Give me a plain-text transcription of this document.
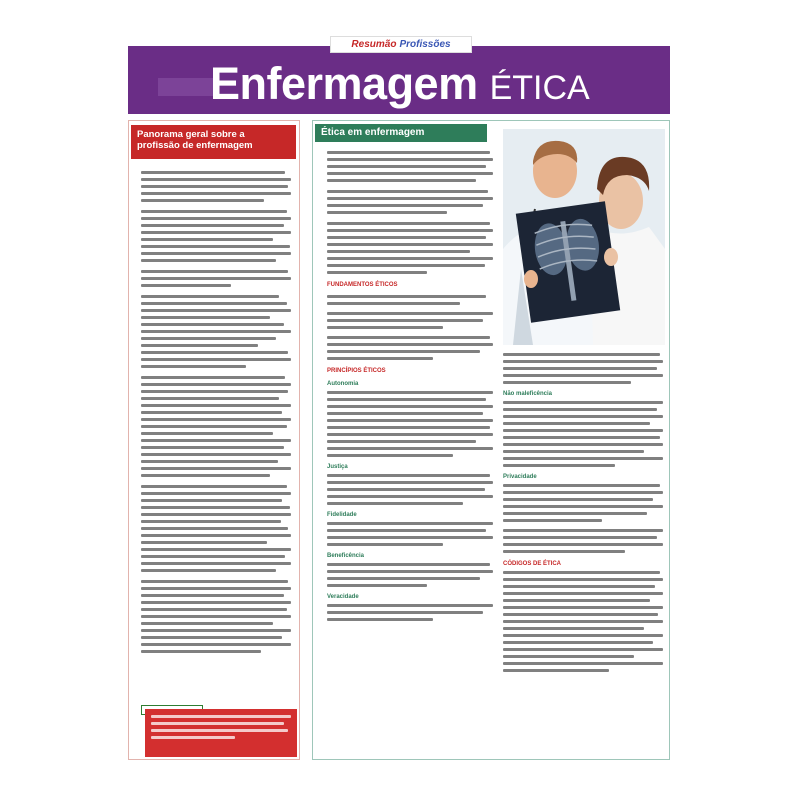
Resumão Profissões
Enfermagem ÉTICA
Panorama geral sobre a profissão de enfermagem
Ética em enfermagem
FUNDAMENTOS ÉTICOS
PRINCÍPIOS ÉTICOS
Autonomia
Justiça
Fidelidade
Beneficência
Veracidade
Não maleficência
Privacidade
CÓDIGOS DE ÉTICA
